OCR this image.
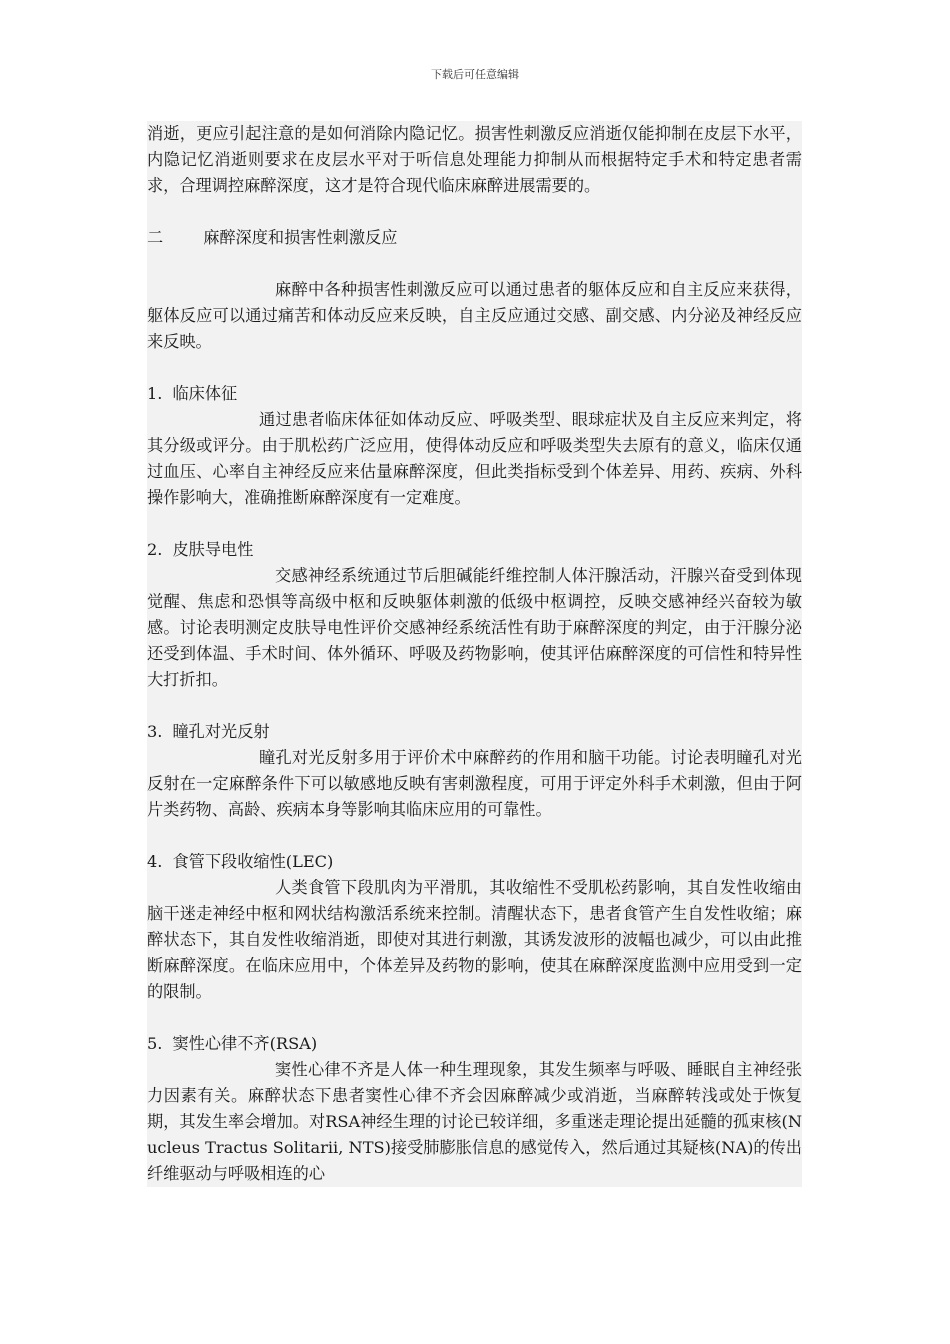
下载后可任意编辑

消逝，更应引起注意的是如何消除内隐记忆。损害性刺激反应消逝仅能抑制在皮层下水平，内隐记忆消逝则要求在皮层水平对于听信息处理能力抑制从而根据特定手术和特定患者需求，合理调控麻醉深度，这才是符合现代临床麻醉进展需要的。

二 麻醉深度和损害性刺激反应

麻醉中各种损害性刺激反应可以通过患者的躯体反应和自主反应来获得，躯体反应可以通过痛苦和体动反应来反映，自主反应通过交感、副交感、内分泌及神经反应来反映。

1. 临床体征

通过患者临床体征如体动反应、呼吸类型、眼球症状及自主反应来判定，将其分级或评分。由于肌松药广泛应用，使得体动反应和呼吸类型失去原有的意义，临床仅通过血压、心率自主神经反应来估量麻醉深度，但此类指标受到个体差异、用药、疾病、外科操作影响大，准确推断麻醉深度有一定难度。

2. 皮肤导电性

交感神经系统通过节后胆碱能纤维控制人体汗腺活动，汗腺兴奋受到体现觉醒、焦虑和恐惧等高级中枢和反映躯体刺激的低级中枢调控，反映交感神经兴奋较为敏感。讨论表明测定皮肤导电性评价交感神经系统活性有助于麻醉深度的判定，由于汗腺分泌还受到体温、手术时间、体外循环、呼吸及药物影响，使其评估麻醉深度的可信性和特异性大打折扣。

3. 瞳孔对光反射

瞳孔对光反射多用于评价术中麻醉药的作用和脑干功能。讨论表明瞳孔对光反射在一定麻醉条件下可以敏感地反映有害刺激程度，可用于评定外科手术刺激，但由于阿片类药物、高龄、疾病本身等影响其临床应用的可靠性。

4. 食管下段收缩性(LEC)

人类食管下段肌肉为平滑肌，其收缩性不受肌松药影响，其自发性收缩由脑干迷走神经中枢和网状结构激活系统来控制。清醒状态下，患者食管产生自发性收缩；麻醉状态下，其自发性收缩消逝，即使对其进行刺激，其诱发波形的波幅也减少，可以由此推断麻醉深度。在临床应用中，个体差异及药物的影响，使其在麻醉深度监测中应用受到一定的限制。

5. 窦性心律不齐(RSA)

窦性心律不齐是人体一种生理现象，其发生频率与呼吸、睡眠自主神经张力因素有关。麻醉状态下患者窦性心律不齐会因麻醉减少或消逝，当麻醉转浅或处于恢复期，其发生率会增加。对RSA神经生理的讨论已较详细，多重迷走理论提出延髓的孤束核(Nucleus Tractus Solitarii, NTS)接受肺膨胀信息的感觉传入，然后通过其疑核(NA)的传出纤维驱动与呼吸相连的心
